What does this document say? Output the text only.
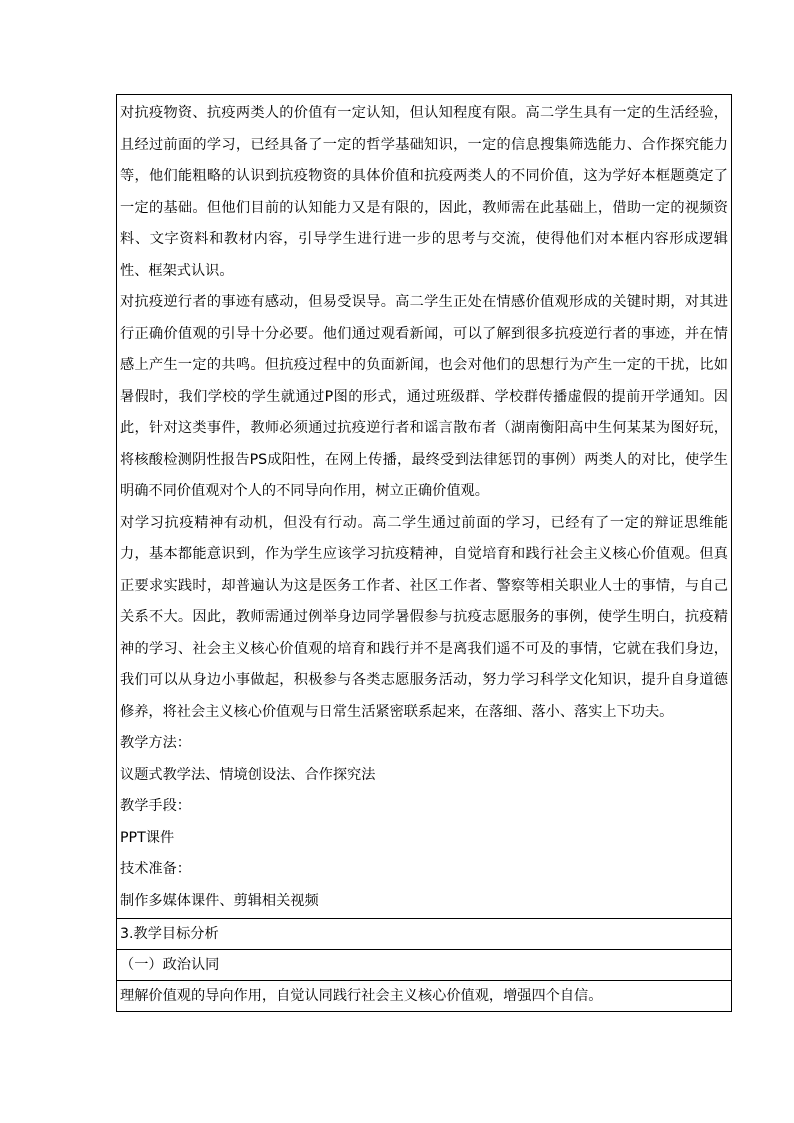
对抗疫物资、抗疫两类人的价值有一定认知，但认知程度有限。高二学生具有一定的生活经验，且经过前面的学习，已经具备了一定的哲学基础知识，一定的信息搜集筛选能力、合作探究能力等，他们能粗略的认识到抗疫物资的具体价值和抗疫两类人的不同价值，这为学好本框题奠定了一定的基础。但他们目前的认知能力又是有限的，因此，教师需在此基础上，借助一定的视频资料、文字资料和教材内容，引导学生进行进一步的思考与交流，使得他们对本框内容形成逻辑性、框架式认识。

对抗疫逆行者的事迹有感动，但易受误导。高二学生正处在情感价值观形成的关键时期，对其进行正确价值观的引导十分必要。他们通过观看新闻，可以了解到很多抗疫逆行者的事迹，并在情感上产生一定的共鸣。但抗疫过程中的负面新闻，也会对他们的思想行为产生一定的干扰，比如暑假时，我们学校的学生就通过P图的形式，通过班级群、学校群传播虚假的提前开学通知。因此，针对这类事件，教师必须通过抗疫逆行者和谣言散布者（湖南衡阳高中生何某某为图好玩，将核酸检测阴性报告PS成阳性，在网上传播，最终受到法律惩罚的事例）两类人的对比，使学生明确不同价值观对个人的不同导向作用，树立正确价值观。

对学习抗疫精神有动机，但没有行动。高二学生通过前面的学习，已经有了一定的辩证思维能力，基本都能意识到，作为学生应该学习抗疫精神，自觉培育和践行社会主义核心价值观。但真正要求实践时，却普遍认为这是医务工作者、社区工作者、警察等相关职业人士的事情，与自己关系不大。因此，教师需通过例举身边同学暑假参与抗疫志愿服务的事例，使学生明白，抗疫精神的学习、社会主义核心价值观的培育和践行并不是离我们遥不可及的事情，它就在我们身边，我们可以从身边小事做起，积极参与各类志愿服务活动，努力学习科学文化知识，提升自身道德修养，将社会主义核心价值观与日常生活紧密联系起来，在落细、落小、落实上下功夫。

教学方法：

议题式教学法、情境创设法、合作探究法

教学手段：

PPT课件

技术准备：

制作多媒体课件、剪辑相关视频

3.教学目标分析
（一）政治认同
理解价值观的导向作用，自觉认同践行社会主义核心价值观，增强四个自信。
